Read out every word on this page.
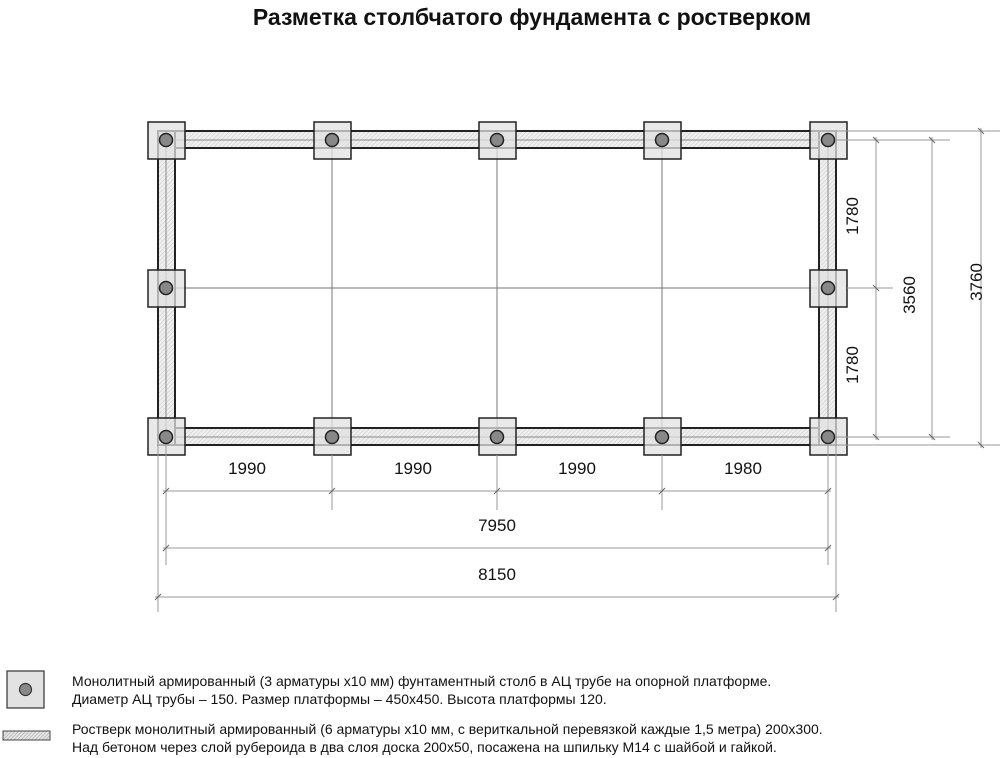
Разметка столбчатого фундамента с ростверком
1990	1990	1990	1980
7950
8150
1780
1780
3560	3760
Монолитный армированный (3 арматуры х10 мм) фунтаментный столб в АЦ трубе на опорной платформе.
Диаметр АЦ трубы – 150. Размер платформы – 450х450. Высота платформы 120.
Ростверк монолитный армированный (6 арматуры х10 мм, с вериткальной перевязкой каждые 1,5 метра) 200х300.
Над бетоном через слой рубероида в два слоя доска 200х50, посажена на шпильку М14 с шайбой и гайкой.
